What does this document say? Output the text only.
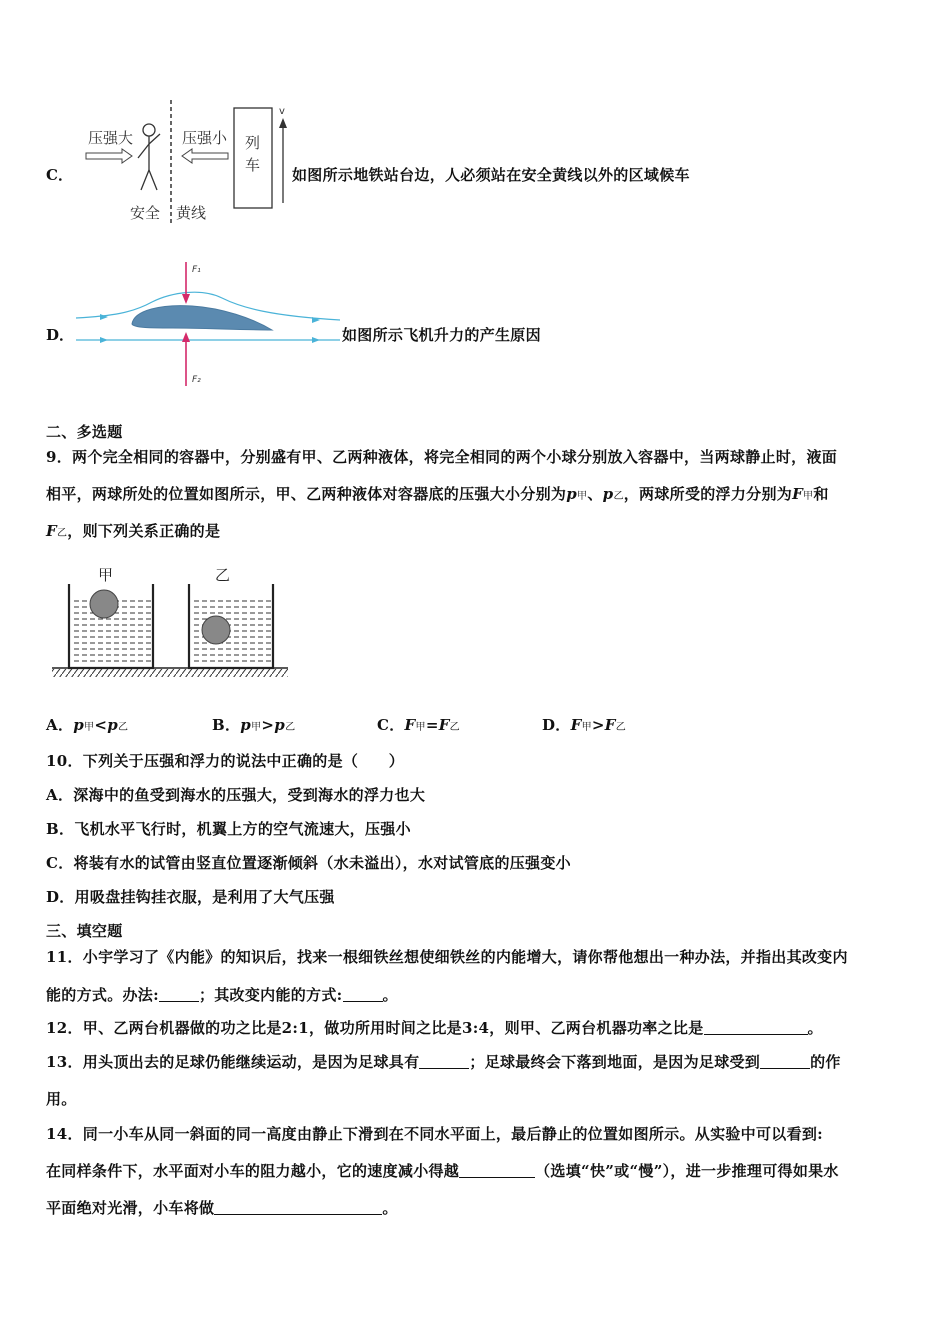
C．
压强大	压强小
安全 黄线
列
车
v
如图所示地铁站台边，人必须站在安全黄线以外的区域候车
D．
F₁
F₂
如图所示飞机升力的产生原因
二、多选题
9．两个完全相同的容器中，分别盛有甲、乙两种液体，将完全相同的两个小球分别放入容器中，当两球静止时，液面
相平，两球所处的位置如图所示，甲、乙两种液体对容器底的压强大小分别为p甲、p乙，两球所受的浮力分别为F甲和
F乙，则下列关系正确的是
甲	乙
A．p甲<p乙	B．p甲>p乙	C．F甲=F乙	D．F甲>F乙
10．下列关于压强和浮力的说法中正确的是（　　）
A．深海中的鱼受到海水的压强大，受到海水的浮力也大
B．飞机水平飞行时，机翼上方的空气流速大，压强小
C．将装有水的试管由竖直位置逐渐倾斜（水未溢出），水对试管底的压强变小
D．用吸盘挂钩挂衣服，是利用了大气压强
三、填空题
11．小宇学习了《内能》的知识后，找来一根细铁丝想使细铁丝的内能增大，请你帮他想出一种办法，并指出其改变内
能的方式。办法:	；其改变内能的方式:	。
12．甲、乙两台机器做的功之比是2:1，做功所用时间之比是3:4，则甲、乙两台机器功率之比是	。
13．用头顶出去的足球仍能继续运动，是因为足球具有	；足球最终会下落到地面，是因为足球受到	的作
用。
14．同一小车从同一斜面的同一高度由静止下滑到在不同水平面上，最后静止的位置如图所示。从实验中可以看到:
在同样条件下，水平面对小车的阻力越小，它的速度减小得越	（选填“快”或“慢”），进一步推理可得如果水
平面绝对光滑，小车将做	。
